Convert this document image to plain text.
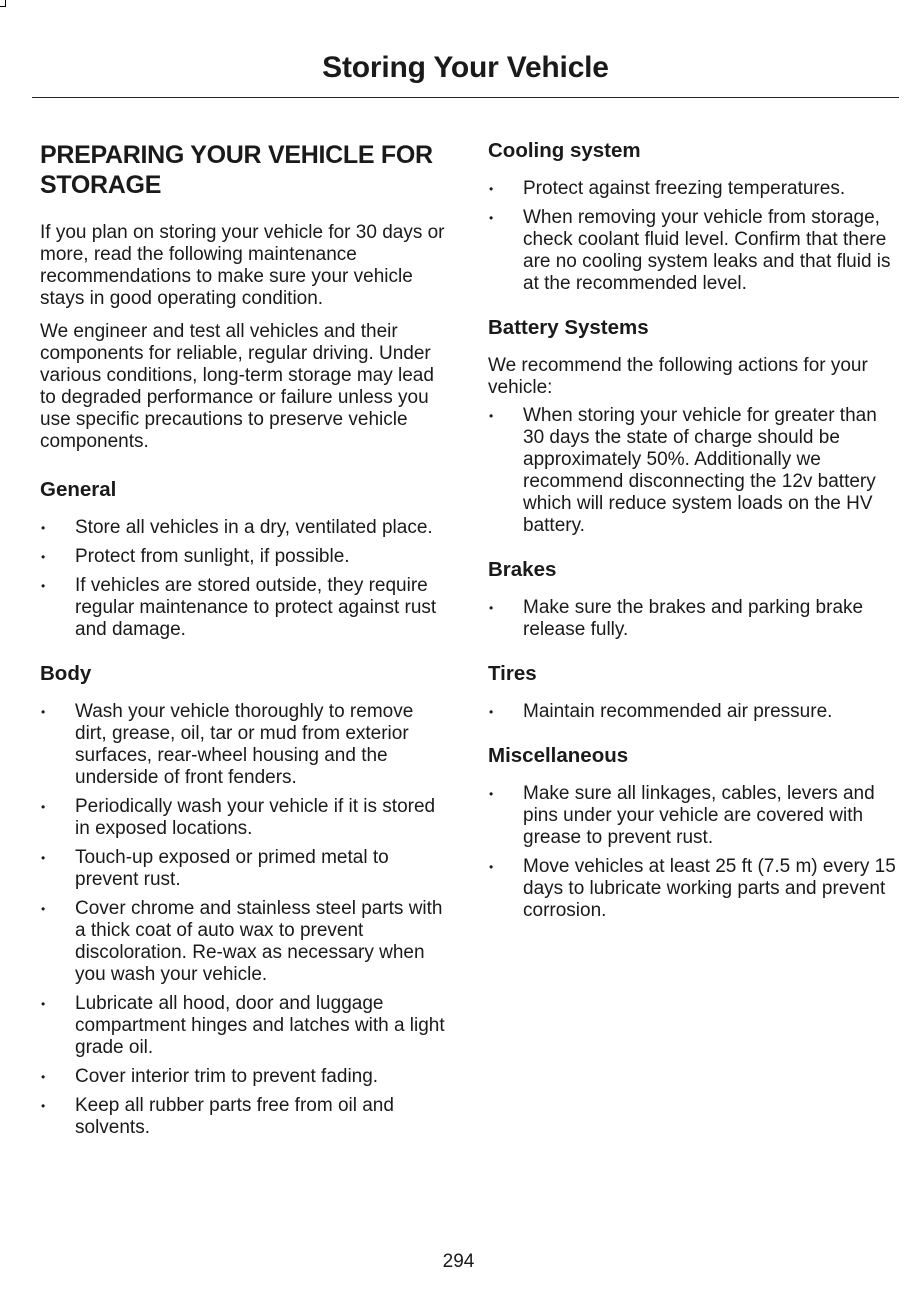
Storing Your Vehicle
PREPARING YOUR VEHICLE FOR STORAGE

If you plan on storing your vehicle for 30 days or more, read the following maintenance recommendations to make sure your vehicle stays in good operating condition.

We engineer and test all vehicles and their components for reliable, regular driving. Under various conditions, long-term storage may lead to degraded performance or failure unless you use specific precautions to preserve vehicle components.

General
• Store all vehicles in a dry, ventilated place.
• Protect from sunlight, if possible.
• If vehicles are stored outside, they require regular maintenance to protect against rust and damage.
Body
• Wash your vehicle thoroughly to remove dirt, grease, oil, tar or mud from exterior surfaces, rear-wheel housing and the underside of front fenders.
• Periodically wash your vehicle if it is stored in exposed locations.
• Touch-up exposed or primed metal to prevent rust.
• Cover chrome and stainless steel parts with a thick coat of auto wax to prevent discoloration. Re-wax as necessary when you wash your vehicle.
• Lubricate all hood, door and luggage compartment hinges and latches with a light grade oil.
• Cover interior trim to prevent fading.
• Keep all rubber parts free from oil and solvents.
Cooling system
• Protect against freezing temperatures.
• When removing your vehicle from storage, check coolant fluid level. Confirm that there are no cooling system leaks and that fluid is at the recommended level.
Battery Systems

We recommend the following actions for your vehicle:

• When storing your vehicle for greater than 30 days the state of charge should be approximately 50%. Additionally we recommend disconnecting the 12v battery which will reduce system loads on the HV battery.
Brakes
• Make sure the brakes and parking brake release fully.
Tires
• Maintain recommended air pressure.
Miscellaneous
• Make sure all linkages, cables, levers and pins under your vehicle are covered with grease to prevent rust.
• Move vehicles at least 25 ft (7.5 m) every 15 days to lubricate working parts and prevent corrosion.
294
